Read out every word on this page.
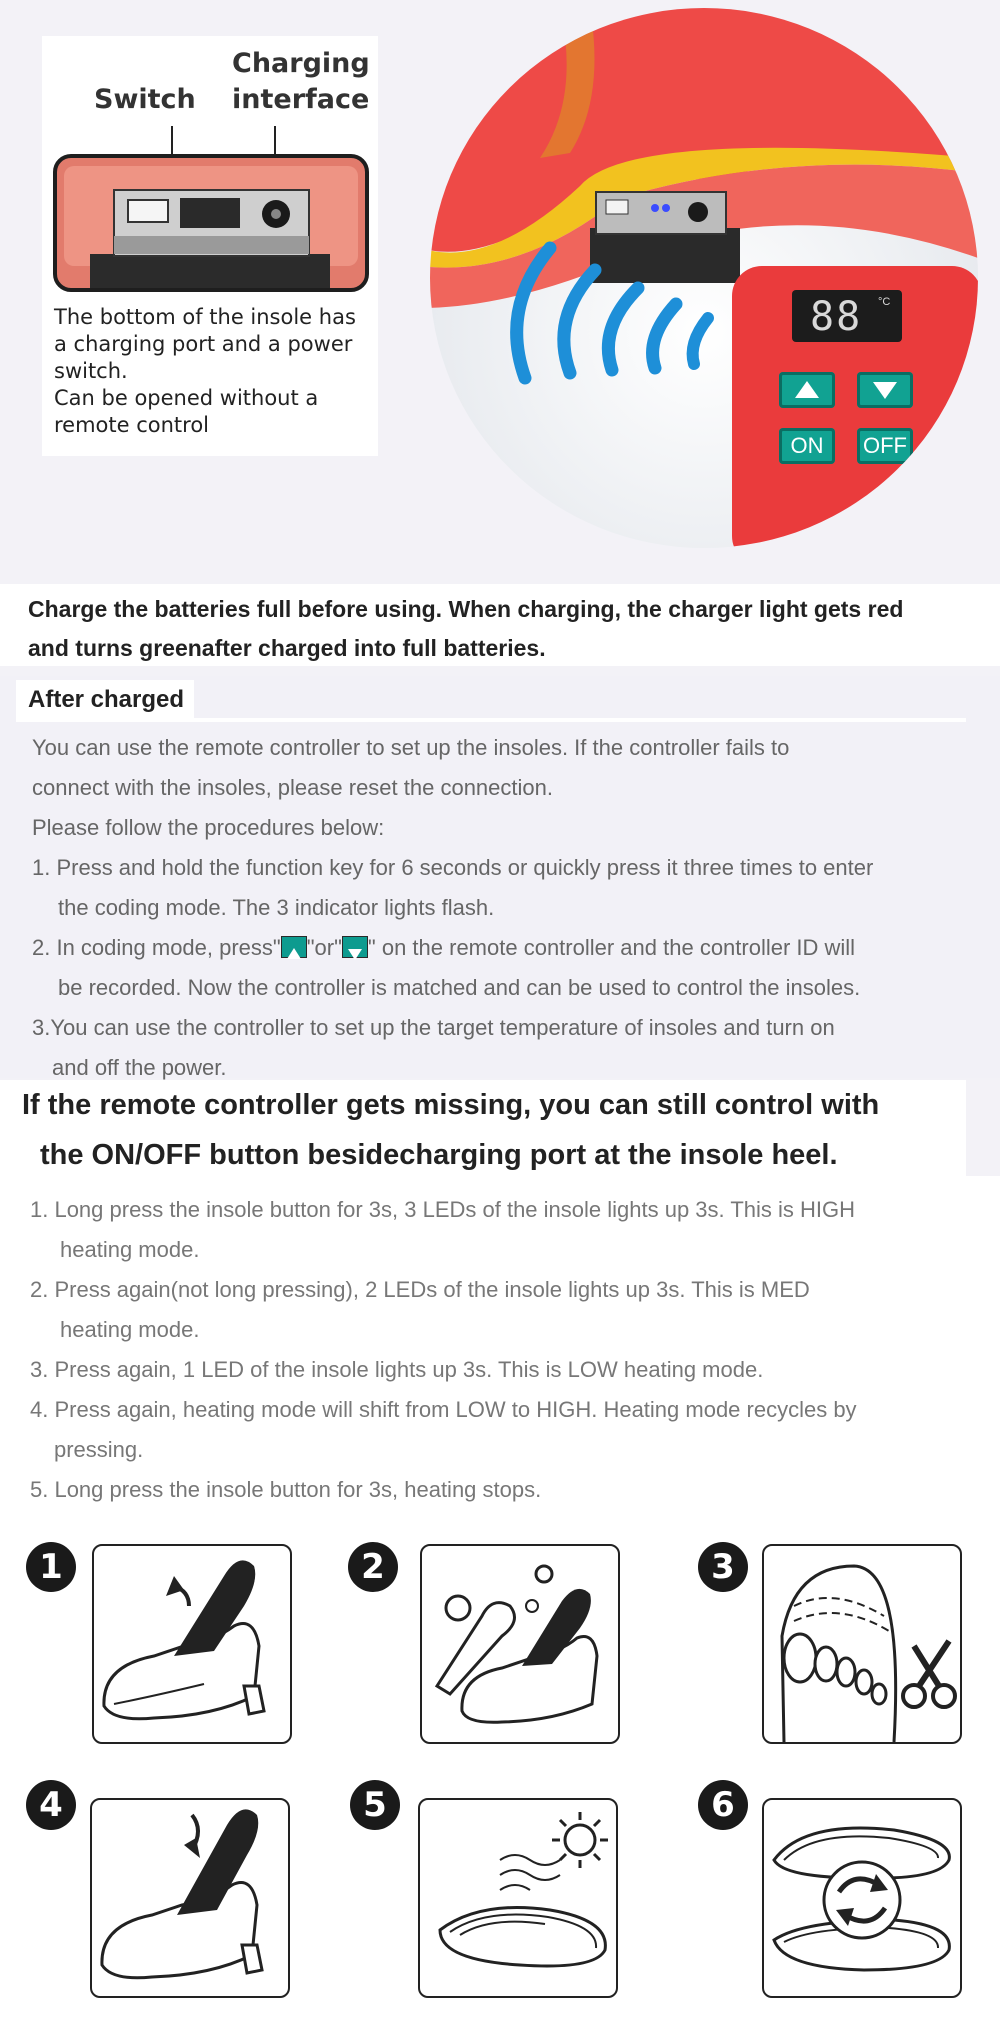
Switch
Charging
interface
The bottom of the insole has
a charging port and a power
switch.
Can be opened without a
remote control
88 °C
ON	OFF
Charge the batteries full before using. When charging, the charger light gets red
and turns greenafter charged into full batteries.
After charged
You can use the remote controller to set up the insoles. If the controller fails to
connect with the insoles, please reset the connection.
Please follow the procedures below:
1. Press and hold the function key for 6 seconds or quickly press it three times to enter
the coding mode. The 3 indicator lights flash.
2. In coding mode, press" "or" " on the remote controller and the controller ID will
be recorded. Now the controller is matched and can be used to control the insoles.
3.You can use the controller to set up the target temperature of insoles and turn on
and off the power.
If the remote controller gets missing, you can still control with
the ON/OFF button besidecharging port at the insole heel.
1. Long press the insole button for 3s, 3 LEDs of the insole lights up 3s. This is HIGH
heating mode.
2. Press again(not long pressing), 2 LEDs of the insole lights up 3s. This is MED
heating mode.
3. Press again, 1 LED of the insole lights up 3s. This is LOW heating mode.
4. Press again, heating mode will shift from LOW to HIGH. Heating mode recycles by
pressing.
5. Long press the insole button for 3s, heating stops.
1	2	3
4	5	6
